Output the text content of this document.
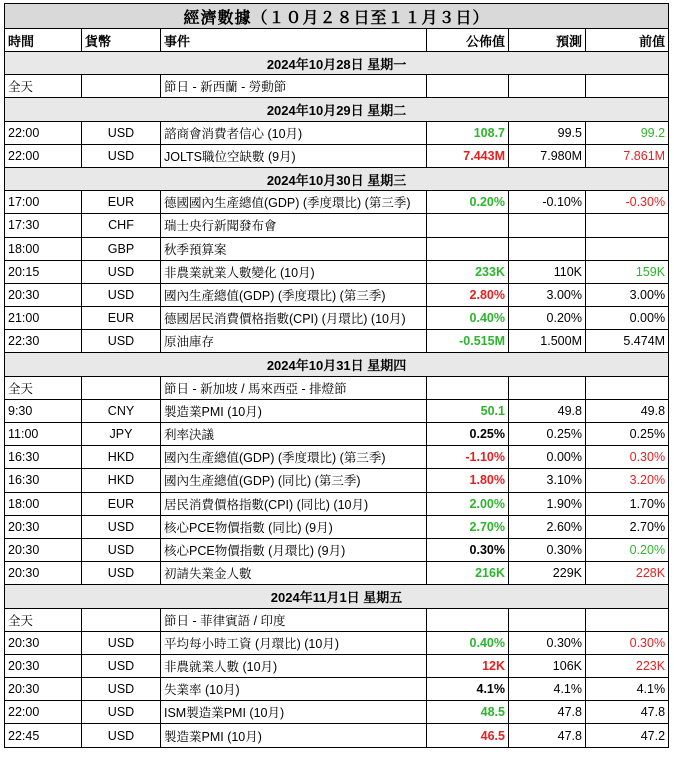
經濟數據（１０月２８日至１１月３日）					
時間	貨幣	事件	公佈值	預測	前值
2024年10月28日 星期一					
全天		節日 - 新西蘭 - 勞動節			
2024年10月29日 星期二					
22:00	USD	諮商會消費者信心 (10月)	108.7	99.5	99.2
22:00	USD	JOLTS職位空缺數 (9月)	7.443M	7.980M	7.861M
2024年10月30日 星期三					
17:00	EUR	德國國內生產總值(GDP) (季度環比) (第三季)	0.20%	-0.10%	-0.30%
17:30	CHF	瑞士央行新聞發布會			
18:00	GBP	秋季預算案			
20:15	USD	非農業就業人數變化 (10月)	233K	110K	159K
20:30	USD	國內生產總值(GDP) (季度環比) (第三季)	2.80%	3.00%	3.00%
21:00	EUR	德國居民消費價格指數(CPI) (月環比) (10月)	0.40%	0.20%	0.00%
22:30	USD	原油庫存	-0.515M	1.500M	5.474M
2024年10月31日 星期四					
全天		節日 - 新加坡 / 馬來西亞 - 排燈節			
9:30	CNY	製造業PMI (10月)	50.1	49.8	49.8
11:00	JPY	利率決議	0.25%	0.25%	0.25%
16:30	HKD	國內生產總值(GDP) (季度環比) (第三季)	-1.10%	0.00%	0.30%
16:30	HKD	國內生產總值(GDP) (同比) (第三季)	1.80%	3.10%	3.20%
18:00	EUR	居民消費價格指數(CPI) (同比) (10月)	2.00%	1.90%	1.70%
20:30	USD	核心PCE物價指數 (同比) (9月)	2.70%	2.60%	2.70%
20:30	USD	核心PCE物價指數 (月環比) (9月)	0.30%	0.30%	0.20%
20:30	USD	初請失業金人數	216K	229K	228K
2024年11月1日 星期五					
全天		節日 - 菲律賓語 / 印度			
20:30	USD	平均每小時工資 (月環比) (10月)	0.40%	0.30%	0.30%
20:30	USD	非農就業人數 (10月)	12K	106K	223K
20:30	USD	失業率 (10月)	4.1%	4.1%	4.1%
22:00	USD	ISM製造業PMI (10月)	48.5	47.8	47.8
22:45	USD	製造業PMI (10月)	46.5	47.8	47.2
